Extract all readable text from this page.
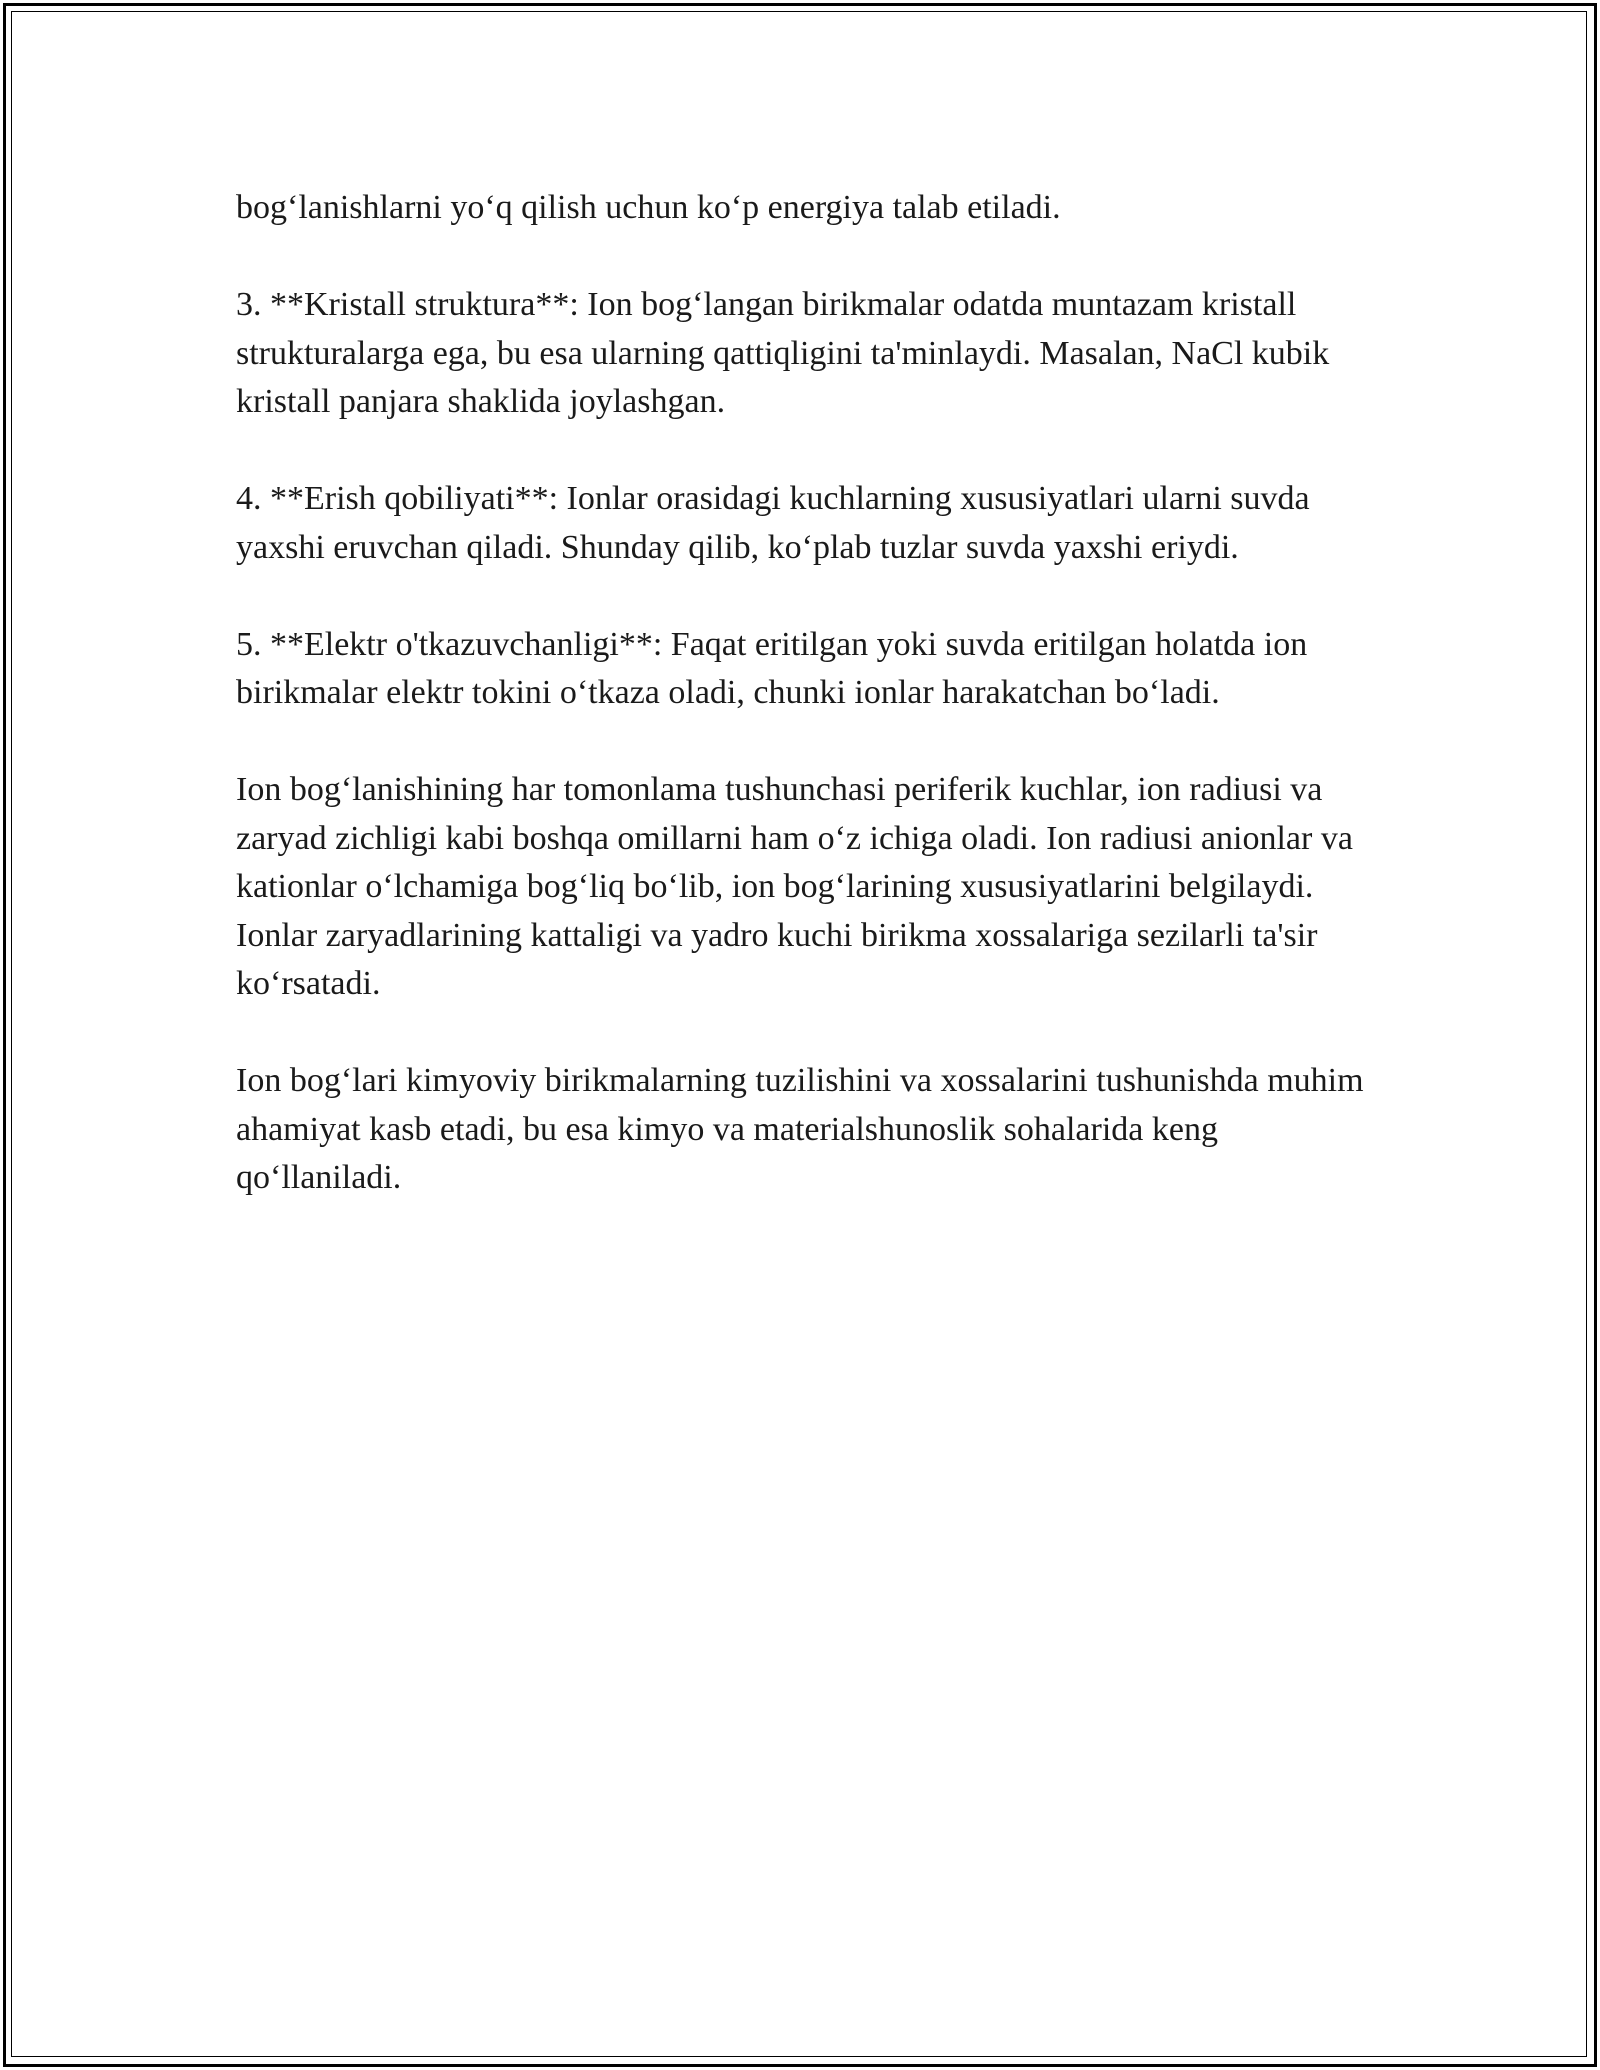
bog‘lanishlarni yo‘q qilish uchun ko‘p energiya talab etiladi.

3. **Kristall struktura**: Ion bog‘langan birikmalar odatda muntazam kristall strukturalarga ega, bu esa ularning qattiqligini ta'minlaydi. Masalan, NaCl kubik kristall panjara shaklida joylashgan.

4. **Erish qobiliyati**: Ionlar orasidagi kuchlarning xususiyatlari ularni suvda yaxshi eruvchan qiladi. Shunday qilib, ko‘plab tuzlar suvda yaxshi eriydi.

5. **Elektr o'tkazuvchanligi**: Faqat eritilgan yoki suvda eritilgan holatda ion birikmalar elektr tokini o‘tkaza oladi, chunki ionlar harakatchan bo‘ladi.

Ion bog‘lanishining har tomonlama tushunchasi periferik kuchlar, ion radiusi va zaryad zichligi kabi boshqa omillarni ham o‘z ichiga oladi. Ion radiusi anionlar va kationlar o‘lchamiga bog‘liq bo‘lib, ion bog‘larining xususiyatlarini belgilaydi. Ionlar zaryadlarining kattaligi va yadro kuchi birikma xossalariga sezilarli ta'sir ko‘rsatadi.

Ion bog‘lari kimyoviy birikmalarning tuzilishini va xossalarini tushunishda muhim ahamiyat kasb etadi, bu esa kimyo va materialshunoslik sohalarida keng qo‘llaniladi.
